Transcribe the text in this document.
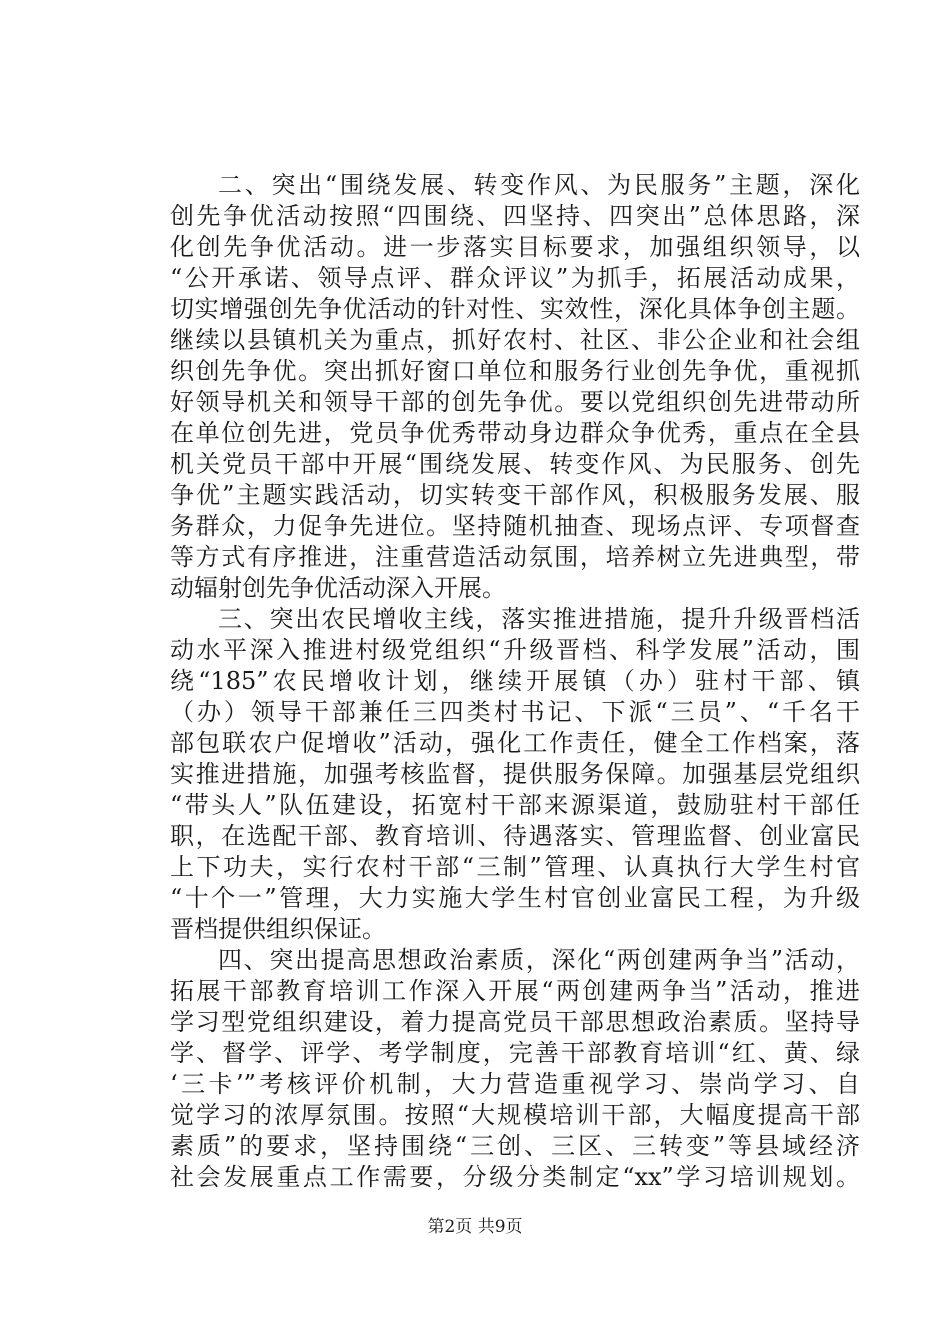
二、突出“围绕发展、转变作风、为民服务”主题，深化
创先争优活动按照“四围绕、四坚持、四突出”总体思路，深
化创先争优活动。进一步落实目标要求，加强组织领导，以
“公开承诺、领导点评、群众评议”为抓手，拓展活动成果，
切实增强创先争优活动的针对性、实效性，深化具体争创主题。
继续以县镇机关为重点，抓好农村、社区、非公企业和社会组
织创先争优。突出抓好窗口单位和服务行业创先争优，重视抓
好领导机关和领导干部的创先争优。要以党组织创先进带动所
在单位创先进，党员争优秀带动身边群众争优秀，重点在全县
机关党员干部中开展“围绕发展、转变作风、为民服务、创先
争优”主题实践活动，切实转变干部作风，积极服务发展、服
务群众，力促争先进位。坚持随机抽查、现场点评、专项督查
等方式有序推进，注重营造活动氛围，培养树立先进典型，带
动辐射创先争优活动深入开展。
三、突出农民增收主线，落实推进措施，提升升级晋档活
动水平深入推进村级党组织“升级晋档、科学发展”活动，围
绕“185”农民增收计划，继续开展镇（办）驻村干部、镇
（办）领导干部兼任三四类村书记、下派“三员”、“千名干
部包联农户促增收”活动，强化工作责任，健全工作档案，落
实推进措施，加强考核监督，提供服务保障。加强基层党组织
“带头人”队伍建设，拓宽村干部来源渠道，鼓励驻村干部任
职，在选配干部、教育培训、待遇落实、管理监督、创业富民
上下功夫，实行农村干部“三制”管理、认真执行大学生村官
“十个一”管理，大力实施大学生村官创业富民工程，为升级
晋档提供组织保证。
四、突出提高思想政治素质，深化“两创建两争当”活动，
拓展干部教育培训工作深入开展“两创建两争当”活动，推进
学习型党组织建设，着力提高党员干部思想政治素质。坚持导
学、督学、评学、考学制度，完善干部教育培训“红、黄、绿
‘三卡’”考核评价机制，大力营造重视学习、崇尚学习、自
觉学习的浓厚氛围。按照“大规模培训干部，大幅度提高干部
素质”的要求，坚持围绕“三创、三区、三转变”等县域经济
社会发展重点工作需要，分级分类制定“xx”学习培训规划。
第2页 共9页
